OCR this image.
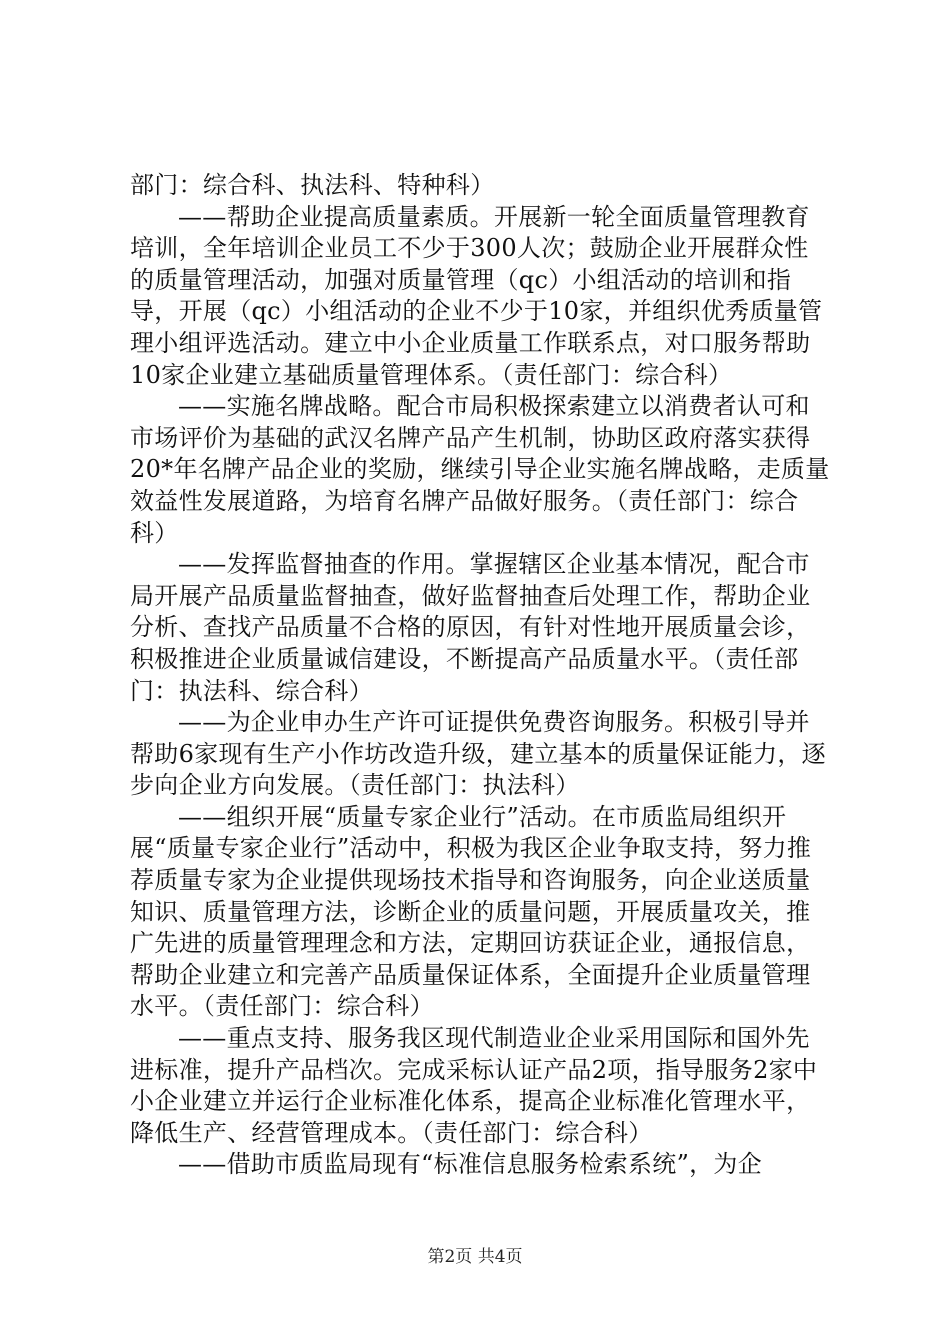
部门：综合科、执法科、特种科）

——帮助企业提高质量素质。开展新一轮全面质量管理教育培训，全年培训企业员工不少于300人次；鼓励企业开展群众性的质量管理活动，加强对质量管理（qc）小组活动的培训和指导，开展（qc）小组活动的企业不少于10家，并组织优秀质量管理小组评选活动。建立中小企业质量工作联系点，对口服务帮助10家企业建立基础质量管理体系。（责任部门：综合科）

——实施名牌战略。配合市局积极探索建立以消费者认可和市场评价为基础的武汉名牌产品产生机制，协助区政府落实获得20*年名牌产品企业的奖励，继续引导企业实施名牌战略，走质量效益性发展道路，为培育名牌产品做好服务。（责任部门：综合科）

——发挥监督抽查的作用。掌握辖区企业基本情况，配合市局开展产品质量监督抽查，做好监督抽查后处理工作，帮助企业分析、查找产品质量不合格的原因，有针对性地开展质量会诊，积极推进企业质量诚信建设，不断提高产品质量水平。（责任部门：执法科、综合科）

——为企业申办生产许可证提供免费咨询服务。积极引导并帮助6家现有生产小作坊改造升级，建立基本的质量保证能力，逐步向企业方向发展。（责任部门：执法科）

——组织开展“质量专家企业行”活动。在市质监局组织开展“质量专家企业行”活动中，积极为我区企业争取支持，努力推荐质量专家为企业提供现场技术指导和咨询服务，向企业送质量知识、质量管理方法，诊断企业的质量问题，开展质量攻关，推广先进的质量管理理念和方法，定期回访获证企业，通报信息，帮助企业建立和完善产品质量保证体系，全面提升企业质量管理水平。（责任部门：综合科）

——重点支持、服务我区现代制造业企业采用国际和国外先进标准，提升产品档次。完成采标认证产品2项，指导服务2家中小企业建立并运行企业标准化体系，提高企业标准化管理水平，降低生产、经营管理成本。（责任部门：综合科）

——借助市质监局现有“标准信息服务检索系统”，为企

第2页 共4页
